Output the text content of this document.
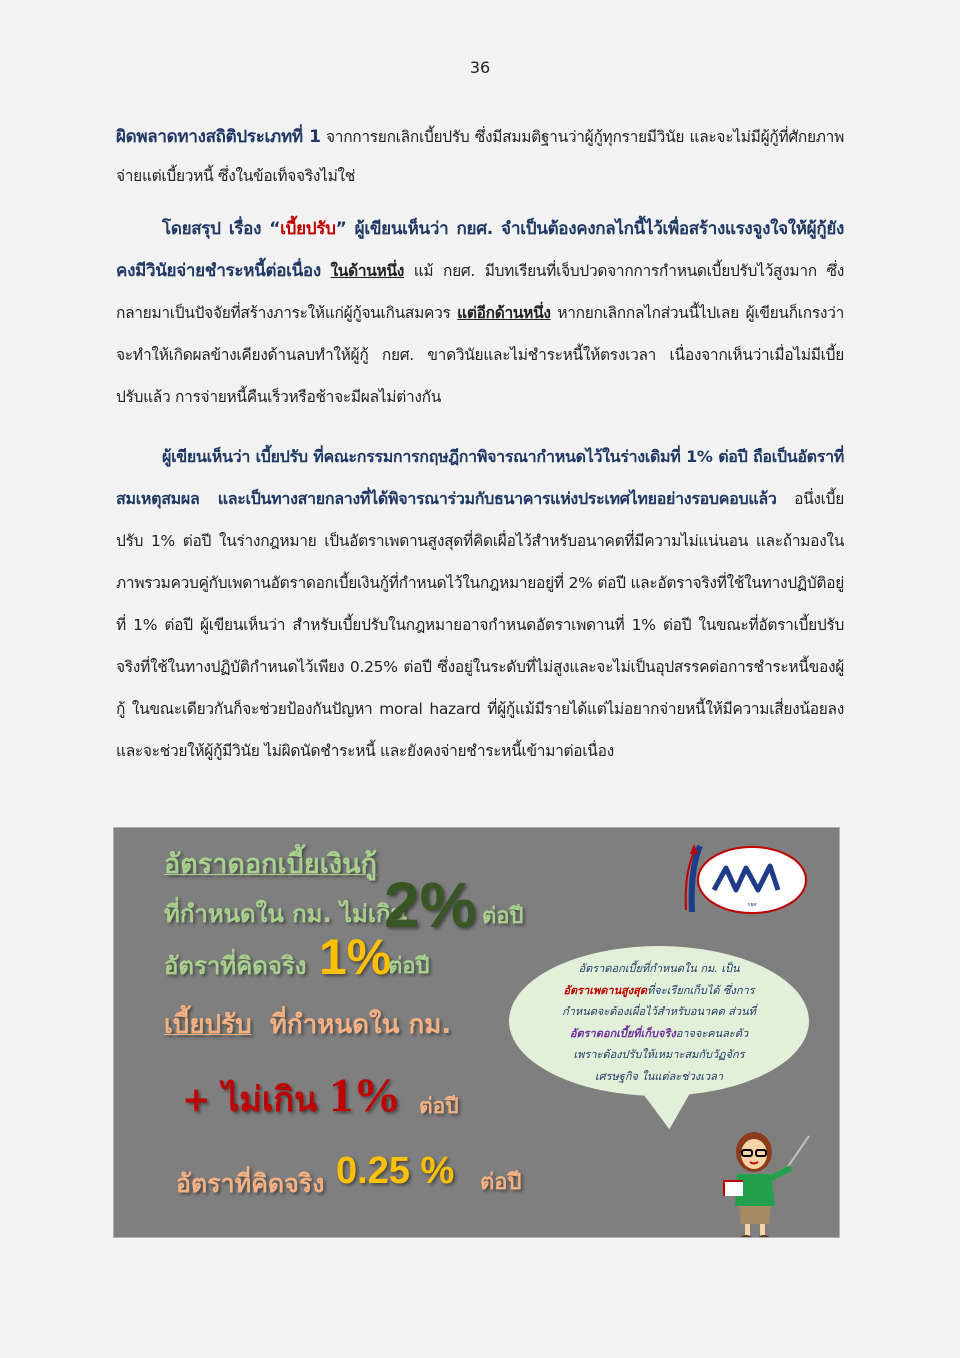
36
ผิดพลาดทางสถิติประเภทที่ 1 จากการยกเลิกเบี้ยปรับ ซึ่งมีสมมติฐานว่าผู้กู้ทุกรายมีวินัย และจะไม่มีผู้กู้ที่ศักยภาพจ่ายแต่เบี้ยวหนี้ ซึ่งในข้อเท็จจริงไม่ใช่
โดยสรุป เรื่อง “เบี้ยปรับ” ผู้เขียนเห็นว่า กยศ. จำเป็นต้องคงกลไกนี้ไว้เพื่อสร้างแรงจูงใจให้ผู้กู้ยังคงมีวินัยจ่ายชำระหนี้ต่อเนื่อง ในด้านหนึ่ง แม้ กยศ. มีบทเรียนที่เจ็บปวดจากการกำหนดเบี้ยปรับไว้สูงมาก ซึ่งกลายมาเป็นปัจจัยที่สร้างภาระให้แก่ผู้กู้จนเกินสมควร แต่อีกด้านหนึ่ง หากยกเลิกกลไกส่วนนี้ไปเลย ผู้เขียนก็เกรงว่าจะทำให้เกิดผลข้างเคียงด้านลบทำให้ผู้กู้ กยศ. ขาดวินัยและไม่ชำระหนี้ให้ตรงเวลา เนื่องจากเห็นว่าเมื่อไม่มีเบี้ยปรับแล้ว การจ่ายหนี้คืนเร็วหรือช้าจะมีผลไม่ต่างกัน
ผู้เขียนเห็นว่า เบี้ยปรับ ที่คณะกรรมการกฤษฎีกาพิจารณากำหนดไว้ในร่างเดิมที่ 1% ต่อปี ถือเป็นอัตราที่สมเหตุสมผล และเป็นทางสายกลางที่ได้พิจารณาร่วมกับธนาคารแห่งประเทศไทยอย่างรอบคอบแล้ว อนึ่งเบี้ยปรับ 1% ต่อปี ในร่างกฎหมาย เป็นอัตราเพดานสูงสุดที่คิดเผื่อไว้สำหรับอนาคตที่มีความไม่แน่นอน และถ้ามองในภาพรวมควบคู่กับเพดานอัตราดอกเบี้ยเงินกู้ที่กำหนดไว้ในกฎหมายอยู่ที่ 2% ต่อปี และอัตราจริงที่ใช้ในทางปฏิบัติอยู่ที่ 1% ต่อปี ผู้เขียนเห็นว่า สำหรับเบี้ยปรับในกฎหมายอาจกำหนดอัตราเพดานที่ 1% ต่อปี ในขณะที่อัตราเบี้ยปรับจริงที่ใช้ในทางปฏิบัติกำหนดไว้เพียง 0.25% ต่อปี ซึ่งอยู่ในระดับที่ไม่สูงและจะไม่เป็นอุปสรรคต่อการชำระหนี้ของผู้กู้ ในขณะเดียวกันก็จะช่วยป้องกันปัญหา moral hazard ที่ผู้กู้แม้มีรายได้แต่ไม่อยากจ่ายหนี้ให้มีความเสี่ยงน้อยลง และจะช่วยให้ผู้กู้มีวินัย ไม่ผิดนัดชำระหนี้ และยังคงจ่ายชำระหนี้เข้ามาต่อเนื่อง
อัตราดอกเบี้ยเงินกู้
ที่กำหนดใน กม. ไม่เกิน
2% ต่อปี
อัตราที่คิดจริง 1%
ต่อปี
เบี้ยปรับ ที่กำหนดใน กม.
+ ไม่เกิน 1% ต่อปี
อัตราที่คิดจริง 0.25 % ต่อปี
กยศ
อัตราดอกเบี้ยที่กำหนดใน กม. เป็น
อัตราเพดานสูงสุดที่จะเรียกเก็บได้ ซึ่งการ
กำหนดจะต้องเผื่อไว้สำหรับอนาคต ส่วนที่
อัตราดอกเบี้ยที่เก็บจริงอาจจะคนละตัว
เพราะต้องปรับให้เหมาะสมกับวัฏจักร
เศรษฐกิจ ในแต่ละช่วงเวลา
